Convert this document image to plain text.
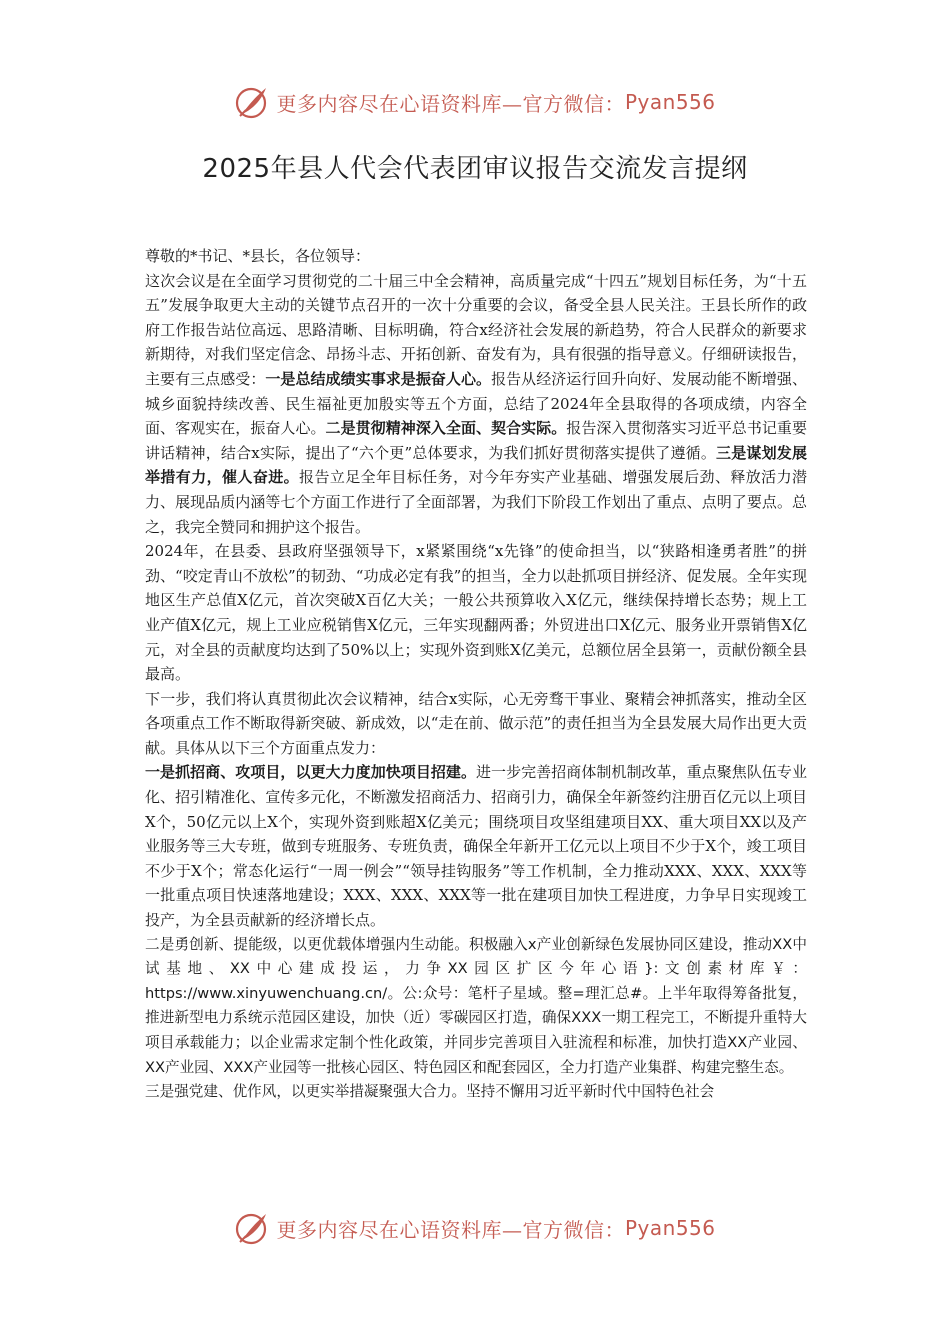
更多内容尽在心语资料库—官方微信： Pyan556
2025年县人代会代表团审议报告交流发言提纲

尊敬的*书记、*县长，各位领导：

这次会议是在全面学习贯彻党的二十届三中全会精神，高质量完成“十四五”规划目标任务，为“十五五”发展争取更大主动的关键节点召开的一次十分重要的会议，备受全县人民关注。王县长所作的政府工作报告站位高远、思路清晰、目标明确，符合x经济社会发展的新趋势，符合人民群众的新要求新期待，对我们坚定信念、昂扬斗志、开拓创新、奋发有为，具有很强的指导意义。仔细研读报告，主要有三点感受：一是总结成绩实事求是振奋人心。报告从经济运行回升向好、发展动能不断增强、城乡面貌持续改善、民生福祉更加殷实等五个方面，总结了2024年全县取得的各项成绩，内容全面、客观实在，振奋人心。二是贯彻精神深入全面、契合实际。报告深入贯彻落实习近平总书记重要讲话精神，结合x实际，提出了“六个更”总体要求，为我们抓好贯彻落实提供了遵循。三是谋划发展举措有力，催人奋进。报告立足全年目标任务，对今年夯实产业基础、增强发展后劲、释放活力潜力、展现品质内涵等七个方面工作进行了全面部署，为我们下阶段工作划出了重点、点明了要点。总之，我完全赞同和拥护这个报告。

2024年，在县委、县政府坚强领导下，x紧紧围绕“x先锋”的使命担当，以“狭路相逢勇者胜”的拼劲、“咬定青山不放松”的韧劲、“功成必定有我”的担当，全力以赴抓项目拼经济、促发展。全年实现地区生产总值X亿元，首次突破X百亿大关；一般公共预算收入X亿元，继续保持增长态势；规上工业产值X亿元，规上工业应税销售X亿元，三年实现翻两番；外贸进出口X亿元、服务业开票销售X亿元，对全县的贡献度均达到了50%以上；实现外资到账X亿美元，总额位居全县第一，贡献份额全县最高。

下一步，我们将认真贯彻此次会议精神，结合x实际，心无旁骛干事业、聚精会神抓落实，推动全区各项重点工作不断取得新突破、新成效，以“走在前、做示范”的责任担当为全县发展大局作出更大贡献。具体从以下三个方面重点发力：

一是抓招商、攻项目，以更大力度加快项目招建。进一步完善招商体制机制改革，重点聚焦队伍专业化、招引精准化、宣传多元化，不断激发招商活力、招商引力，确保全年新签约注册百亿元以上项目X个，50亿元以上X个，实现外资到账超X亿美元；围绕项目攻坚组建项目XX、重大项目XX以及产业服务等三大专班，做到专班服务、专班负责，确保全年新开工亿元以上项目不少于X个，竣工项目不少于X个；常态化运行“一周一例会”“领导挂钩服务”等工作机制，全力推动XXX、XXX、XXX等一批重点项目快速落地建设；XXX、XXX、XXX等一批在建项目加快工程进度，力争早日实现竣工投产，为全县贡献新的经济增长点。

二是勇创新、提能级，以更优载体增强内生动能。积极融入x产业创新绿色发展协同区建设，推动XX中试基地、XX中心建成投运，力争XX园区扩区今年心语}:文创素材库￥：https://www.xinyuwenchuang.cn/。公:众号：笔杆子星域。整=理汇总#。上半年取得筹备批复，推进新型电力系统示范园区建设，加快（近）零碳园区打造，确保XXX一期工程完工，不断提升重特大项目承载能力；以企业需求定制个性化政策，并同步完善项目入驻流程和标准，加快打造XX产业园、XX产业园、XXX产业园等一批核心园区、特色园区和配套园区，全力打造产业集群、构建完整生态。

三是强党建、优作风，以更实举措凝聚强大合力。坚持不懈用习近平新时代中国特色社会

更多内容尽在心语资料库—官方微信： Pyan556
